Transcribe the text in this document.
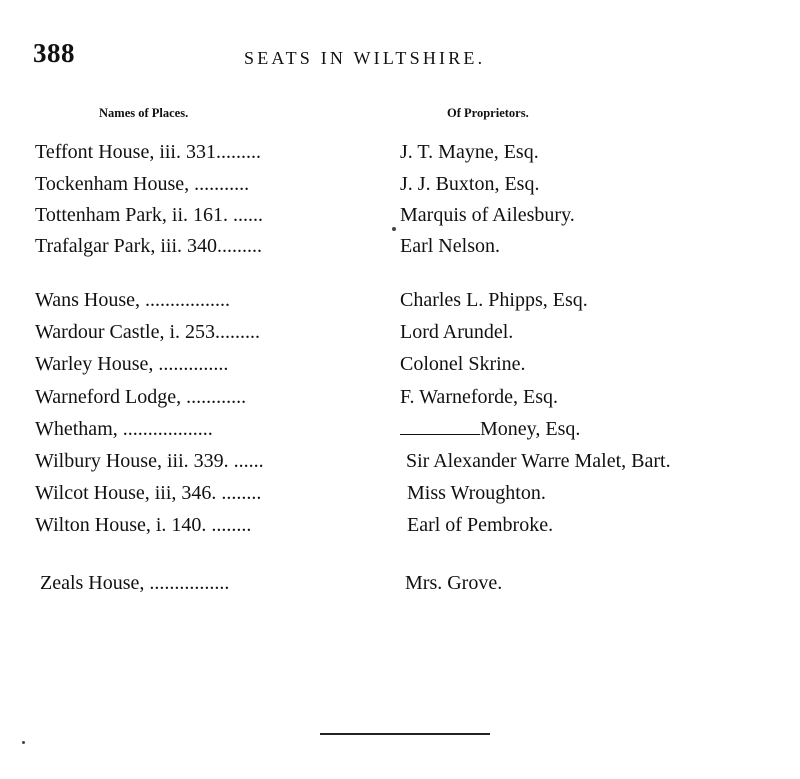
388	SEATS IN WILTSHIRE.
Names of Places.	Of Proprietors.
Teffont House, iii. 331.........	J. T. Mayne, Esq.
Tockenham House, ...........	J. J. Buxton, Esq.
Tottenham Park, ii. 161. ......	Marquis of Ailesbury.
Trafalgar Park, iii. 340.........	Earl Nelson.
Wans House, .................	Charles L. Phipps, Esq.
Wardour Castle, i. 253.........	Lord Arundel.
Warley House, ..............	Colonel Skrine.
Warneford Lodge, ............	F. Warneforde, Esq.
Whetham, ..................	Money, Esq.
Wilbury House, iii. 339. ......	Sir Alexander Warre Malet, Bart.
Wilcot House, iii, 346. ........	Miss Wroughton.
Wilton House, i. 140. ........	Earl of Pembroke.
Zeals House, ................	Mrs. Grove.
